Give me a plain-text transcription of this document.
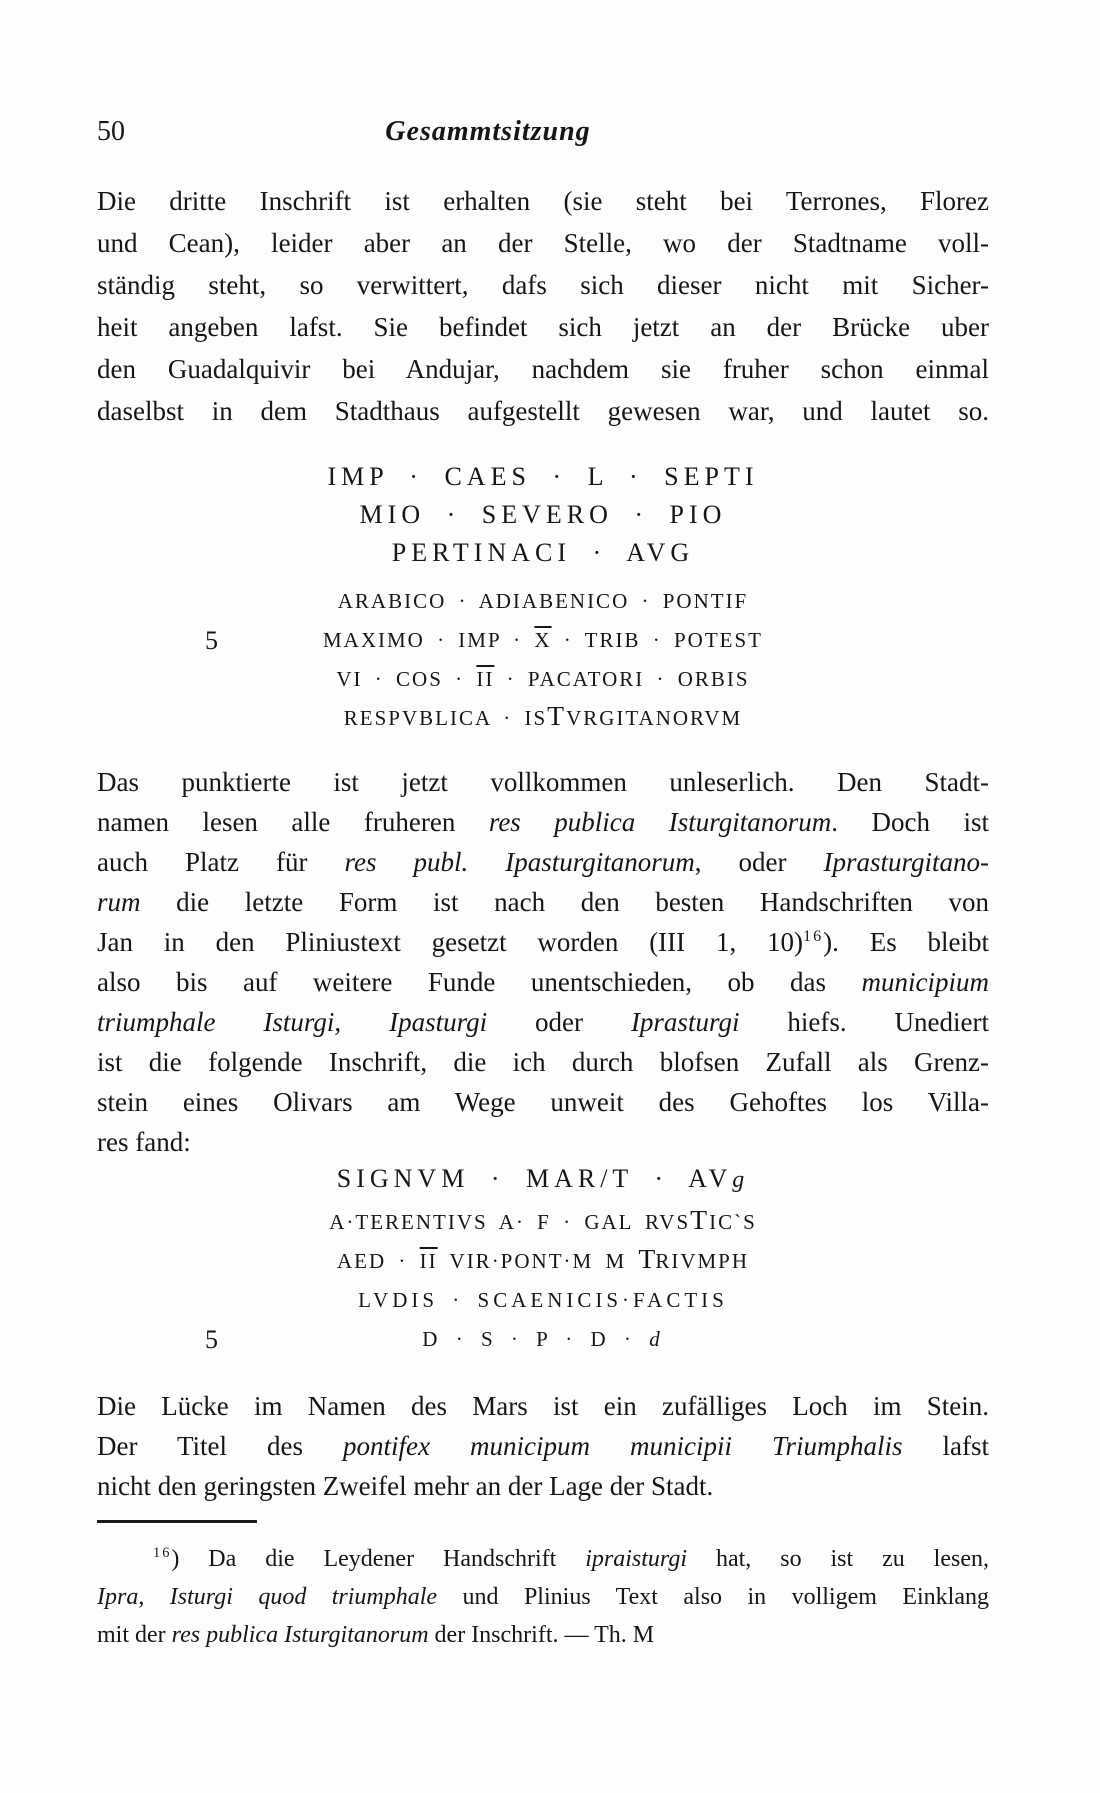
50	Gesammtsitzung
Die dritte Inschrift ist erhalten (sie steht bei Terrones, Florez
und Cean), leider aber an der Stelle, wo der Stadtname voll-
ständig steht, so verwittert, dafs sich dieser nicht mit Sicher-
heit angeben lafst. Sie befindet sich jetzt an der Brücke uber
den Guadalquivir bei Andujar, nachdem sie fruher schon einmal
daselbst in dem Stadthaus aufgestellt gewesen war, und lautet so.
IMP · CAES · L · SEPTI
MIO · SEVERO · PIO
PERTINACI · AVG
ARABICO · ADIABENICO · PONTIF
5	MAXIMO · IMP · $\overline{X}$ · TRIB · POTEST
VI · COS · $\overline{II}$ · PACATORI · ORBIS
RESPVBLICA · ISTVRGITANORVM
Das punktierte ist jetzt vollkommen unleserlich. Den Stadt-
namen lesen alle fruheren res publica Isturgitanorum. Doch ist
auch Platz für res publ. Ipasturgitanorum, oder Iprasturgitano-
rum die letzte Form ist nach den besten Handschriften von
Jan in den Pliniustext gesetzt worden (III 1, 10)$^{16}$). Es bleibt
also bis auf weitere Funde unentschieden, ob das municipium
triumphale Isturgi, Ipasturgi oder Iprasturgi hiefs. Unediert
ist die folgende Inschrift, die ich durch blofsen Zufall als Grenz-
stein eines Olivars am Wege unweit des Gehoftes los Villa-
res fand:
SIGNVM · MAR/T · AVg
A·TERENTIVS A· F · GAL RVSTIC`S
AED · $\overline{II}$ VIR·PONT·M M TRIVMPH
LVDIS · SCAENICIS·FACTIS
5	D · S · P · D · d
Die Lücke im Namen des Mars ist ein zufälliges Loch im Stein.
Der Titel des pontifex municipum municipii Triumphalis lafst
nicht den geringsten Zweifel mehr an der Lage der Stadt.
$^{16}$) Da die Leydener Handschrift ipraisturgi hat, so ist zu lesen,
Ipra, Isturgi quod triumphale und Plinius Text also in volligem Einklang
mit der res publica Isturgitanorum der Inschrift. — Th. M
